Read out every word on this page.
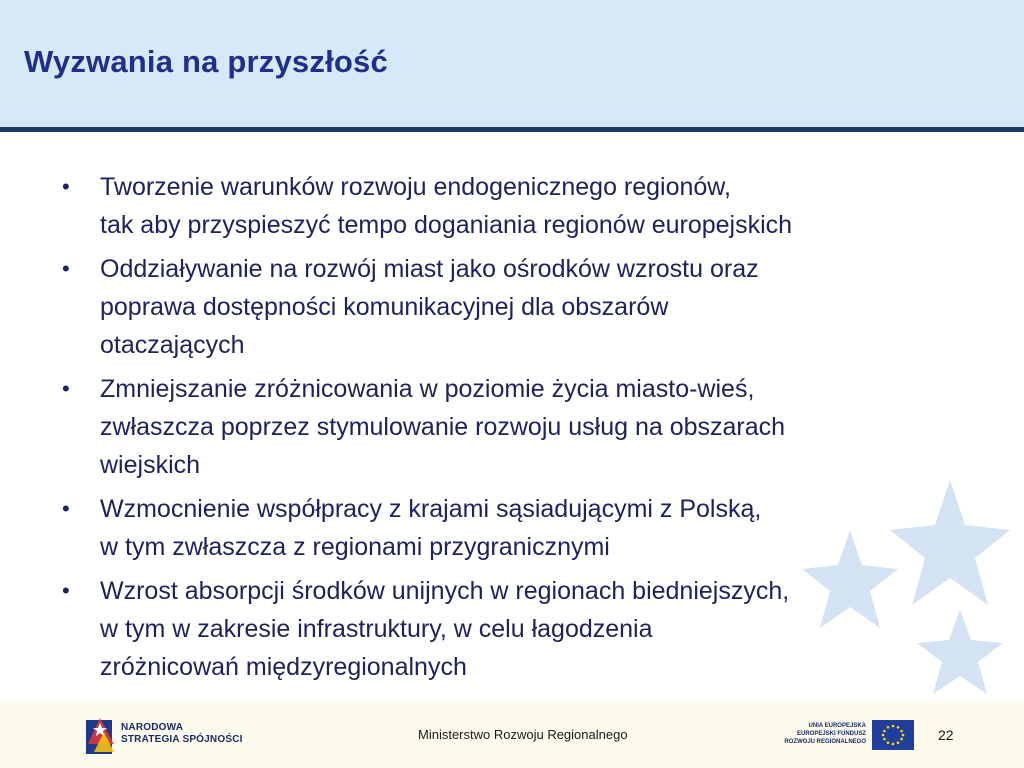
Wyzwania na przyszłość
• Tworzenie warunków rozwoju endogenicznego regionów,
tak aby przyspieszyć tempo doganiania regionów europejskich
• Oddziaływanie na rozwój miast jako ośrodków wzrostu oraz
poprawa dostępności komunikacyjnej dla obszarów
otaczających
• Zmniejszanie zróżnicowania w poziomie życia miasto-wieś,
zwłaszcza poprzez stymulowanie rozwoju usług na obszarach
wiejskich
• Wzmocnienie współpracy z krajami sąsiadującymi z Polską,
w tym zwłaszcza z regionami przygranicznymi
• Wzrost absorpcji środków unijnych w regionach biedniejszych,
w tym w zakresie infrastruktury, w celu łagodzenia
zróżnicowań międzyregionalnych
NARODOWA
STRATEGIA SPÓJNOŚCI	Ministerstwo Rozwoju Regionalnego
UNIA EUROPEJSKA
EUROPEJSKI FUNDUSZ
ROZWOJU REGIONALNEGO	22
